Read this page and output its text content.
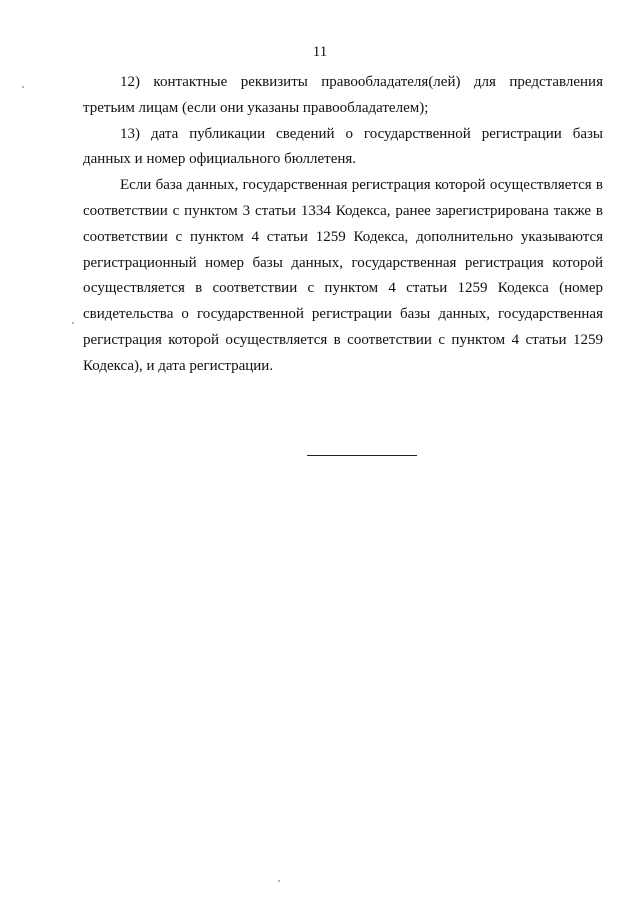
11

12) контактные реквизиты правообладателя(лей) для представления третьим лицам (если они указаны правообладателем);

13) дата публикации сведений о государственной регистрации базы данных и номер официального бюллетеня.

Если база данных, государственная регистрация которой осуществляется в соответствии с пунктом 3 статьи 1334 Кодекса, ранее зарегистрирована также в соответствии с пунктом 4 статьи 1259 Кодекса, дополнительно указываются регистрационный номер базы данных, государственная регистрация которой осуществляется в соответствии с пунктом 4 статьи 1259 Кодекса (номер свидетельства о государственной регистрации базы данных, государственная регистрация которой осуществляется в соответствии с пунктом 4 статьи 1259 Кодекса), и дата регистрации.
